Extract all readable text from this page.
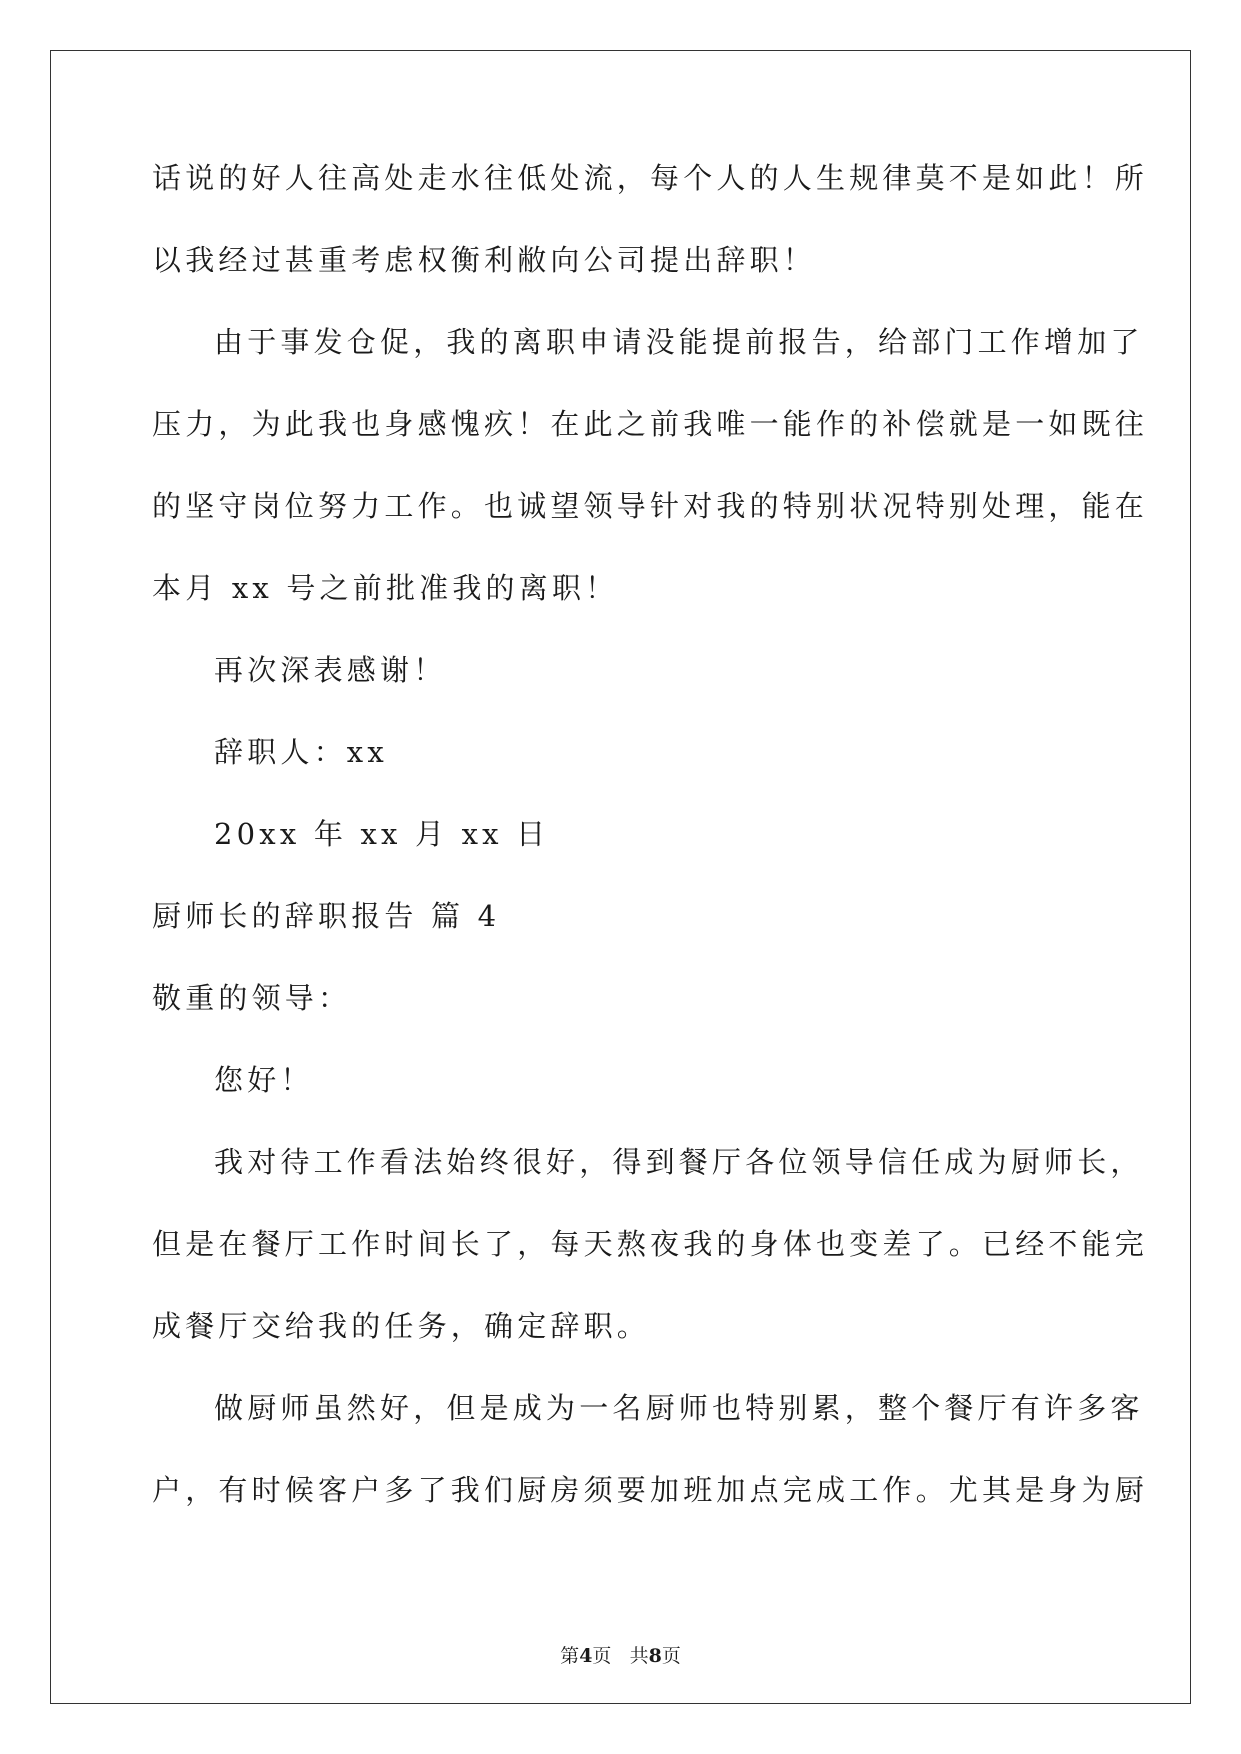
话说的好人往高处走水往低处流，每个人的人生规律莫不是如此！所
以我经过甚重考虑权衡利敝向公司提出辞职！
由于事发仓促，我的离职申请没能提前报告，给部门工作增加了
压力，为此我也身感愧疚！在此之前我唯一能作的补偿就是一如既往
的坚守岗位努力工作。也诚望领导针对我的特别状况特别处理，能在
本月 xx 号之前批准我的离职！
再次深表感谢！
辞职人：xx
20xx 年 xx 月 xx 日
厨师长的辞职报告 篇 4
敬重的领导：
您好！
我对待工作看法始终很好，得到餐厅各位领导信任成为厨师长，
但是在餐厅工作时间长了，每天熬夜我的身体也变差了。已经不能完
成餐厅交给我的任务，确定辞职。
做厨师虽然好，但是成为一名厨师也特别累，整个餐厅有许多客
户，有时候客户多了我们厨房须要加班加点完成工作。尤其是身为厨
第4页 共8页
